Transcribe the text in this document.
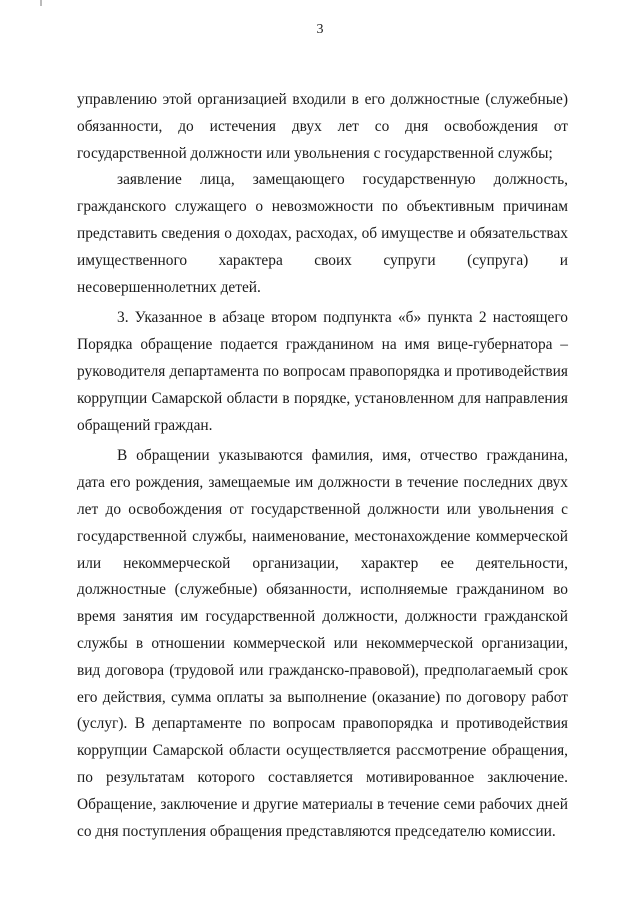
3

управлению этой организацией входили в его должностные (служебные) обязанности, до истечения двух лет со дня освобождения от государственной должности или увольнения с государственной службы;

заявление лица, замещающего государственную должность, гражданского служащего о невозможности по объективным причинам представить сведения о доходах, расходах, об имуществе и обязательствах имущественного характера своих супруги (супруга) и несовершеннолетних детей.

3. Указанное в абзаце втором подпункта «б» пункта 2 настоящего Порядка обращение подается гражданином на имя вице-губернатора – руководителя департамента по вопросам правопорядка и противодействия коррупции Самарской области в порядке, установленном для направления обращений граждан.

В обращении указываются фамилия, имя, отчество гражданина, дата его рождения, замещаемые им должности в течение последних двух лет до освобождения от государственной должности или увольнения с государственной службы, наименование, местонахождение коммерческой или некоммерческой организации, характер ее деятельности, должностные (служебные) обязанности, исполняемые гражданином во время занятия им государственной должности, должности гражданской службы в отношении коммерческой или некоммерческой организации, вид договора (трудовой или гражданско-правовой), предполагаемый срок его действия, сумма оплаты за выполнение (оказание) по договору работ (услуг). В департаменте по вопросам правопорядка и противодействия коррупции Самарской области осуществляется рассмотрение обращения, по результатам которого составляется мотивированное заключение. Обращение, заключение и другие материалы в течение семи рабочих дней со дня поступления обращения представляются председателю комиссии.
